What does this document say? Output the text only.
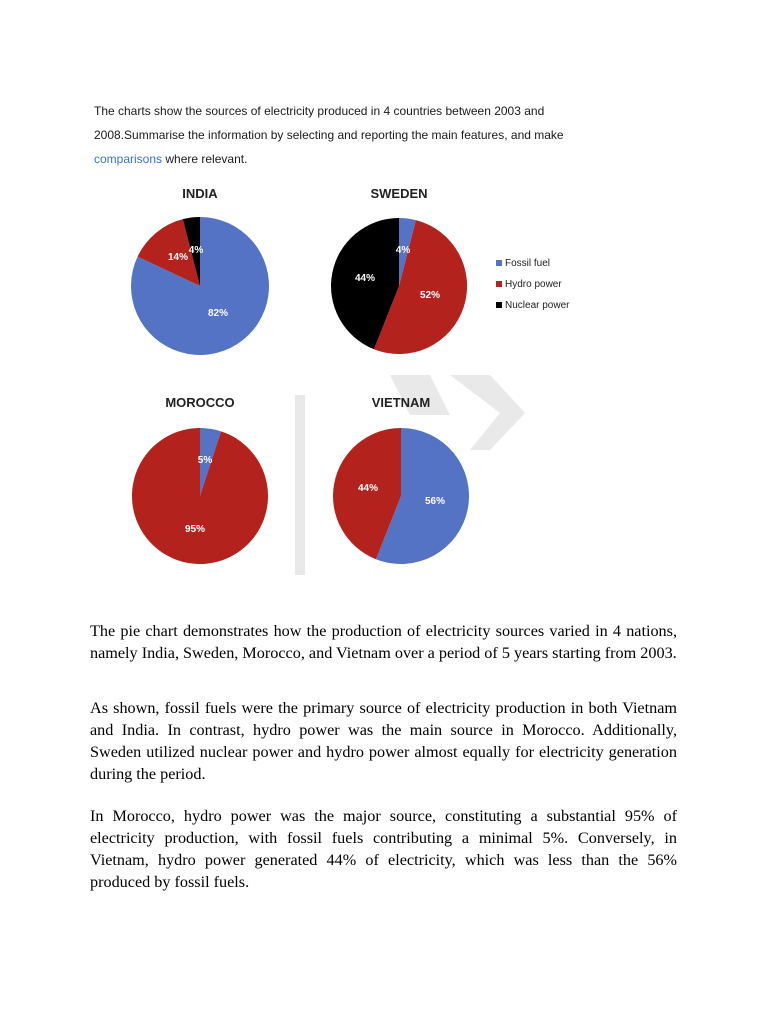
The charts show the sources of electricity produced in 4 countries between 2003 and 2008.Summarise the information by selecting and reporting the main features, and make comparisons where relevant.
INDIA
82%
14%
4%
SWEDEN
4%
52%
44%
MOROCCO
5%
95%
VIETNAM
56%
44%
Fossil fuel
Hydro power
Nuclear power

The pie chart demonstrates how the production of electricity sources varied in 4 nations, namely India, Sweden, Morocco, and Vietnam over a period of 5 years starting from 2003.

As shown, fossil fuels were the primary source of electricity production in both Vietnam and India. In contrast, hydro power was the main source in Morocco. Additionally, Sweden utilized nuclear power and hydro power almost equally for electricity generation during the period.

In Morocco, hydro power was the major source, constituting a substantial 95% of electricity production, with fossil fuels contributing a minimal 5%. Conversely, in Vietnam, hydro power generated 44% of electricity, which was less than the 56% produced by fossil fuels.
